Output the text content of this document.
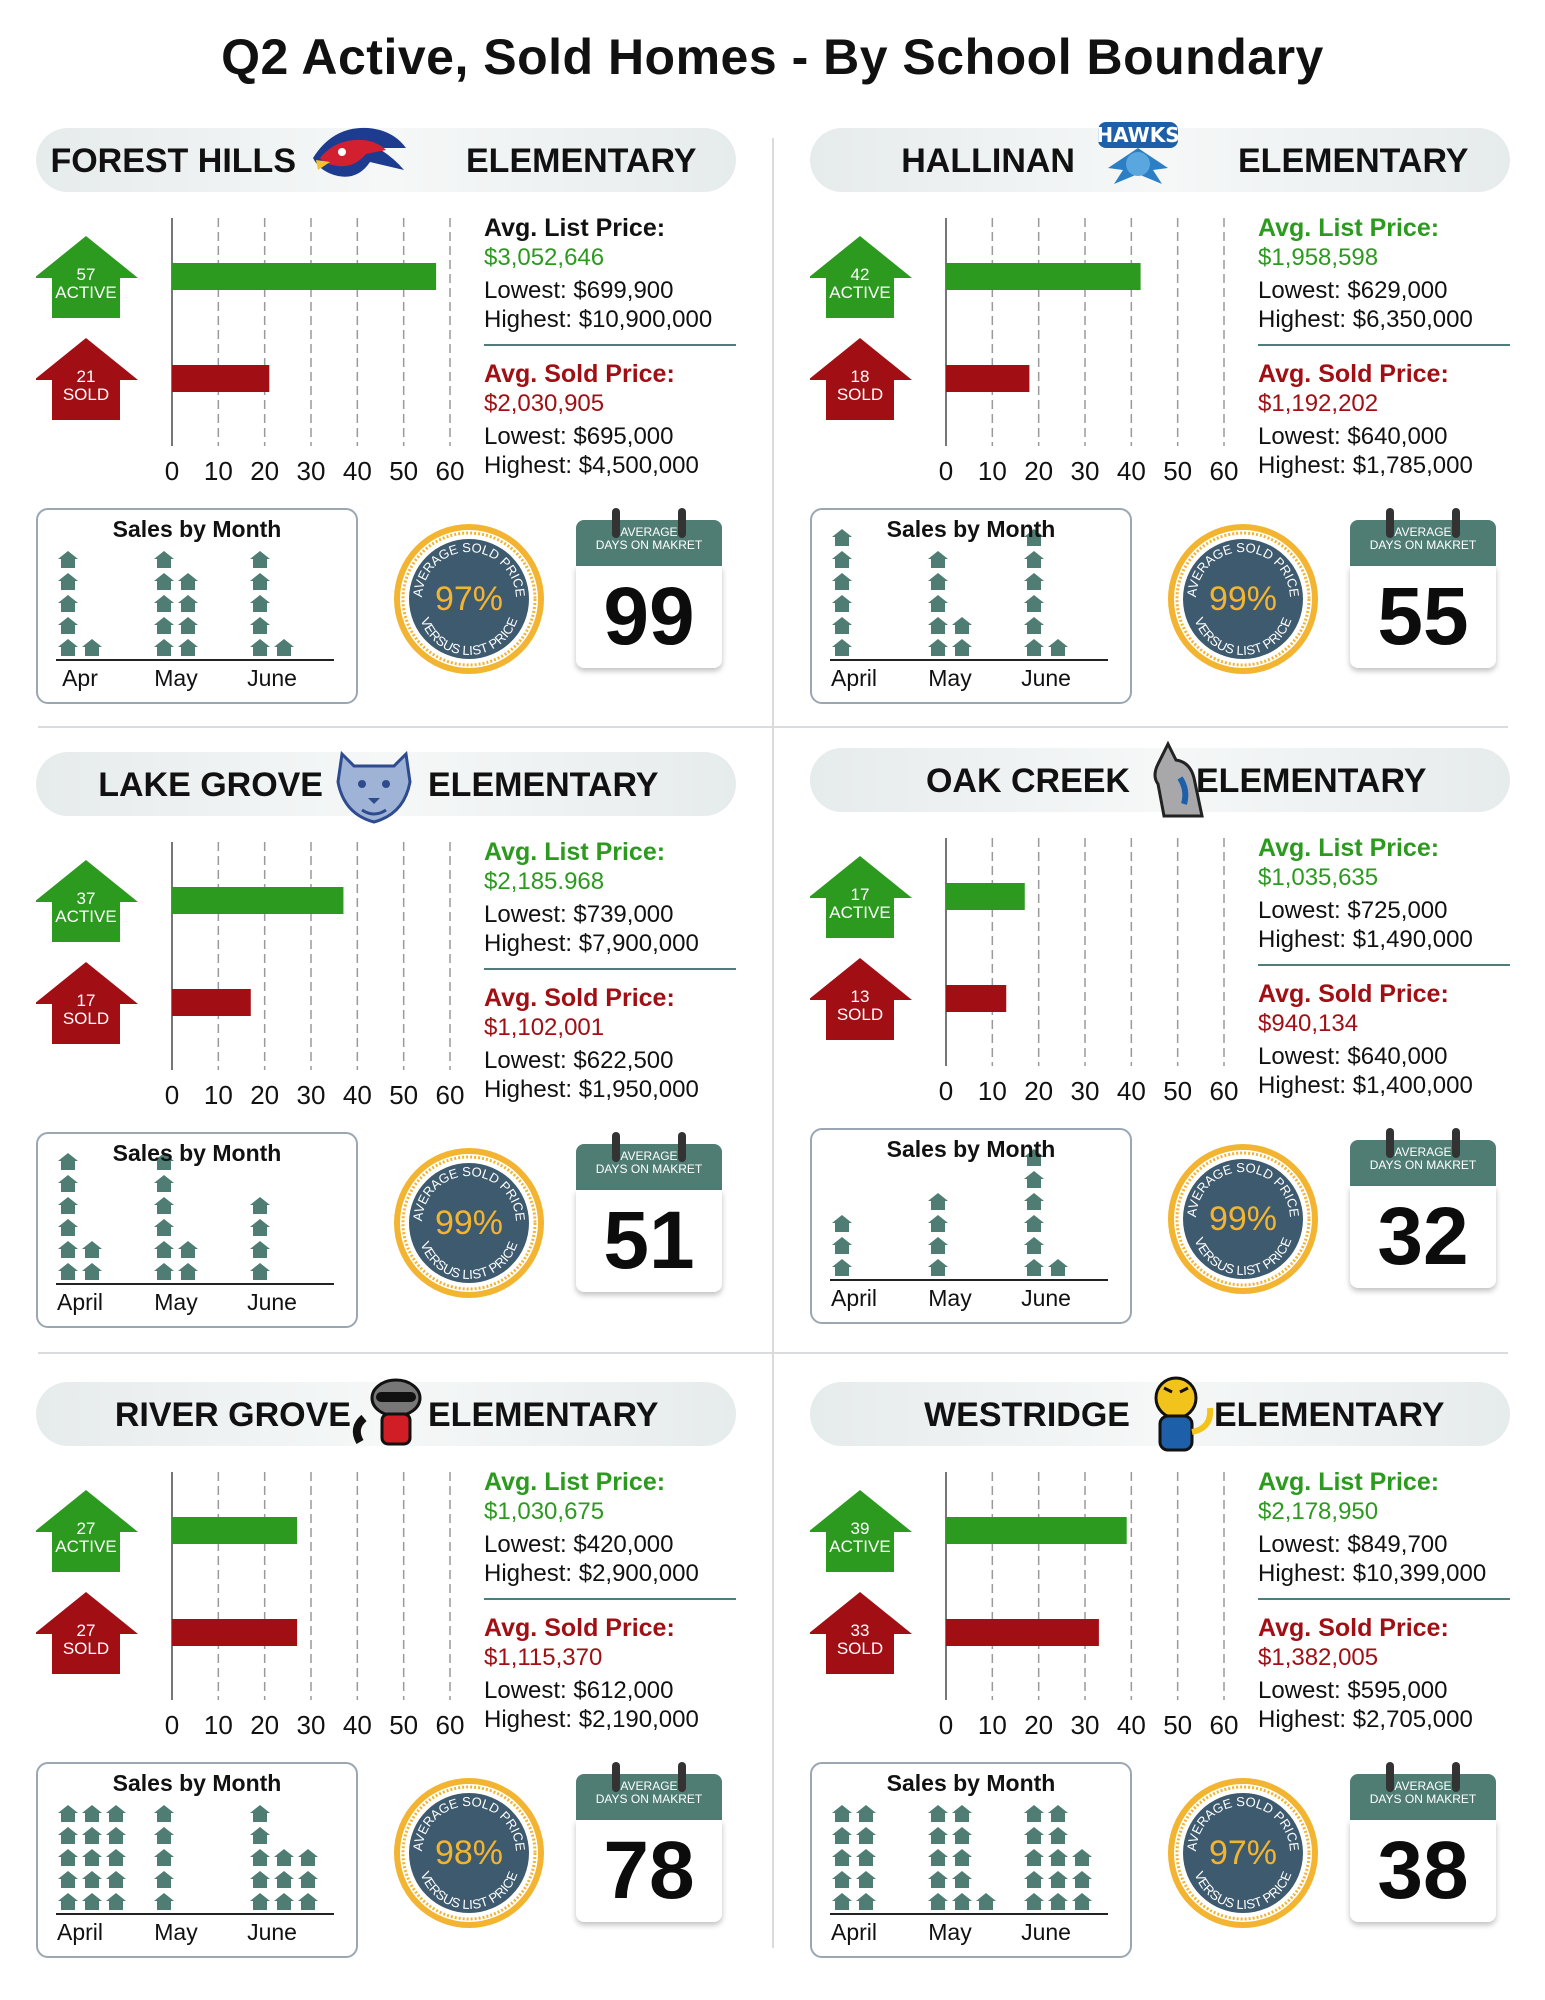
Q2 Active, Sold Homes - By School Boundary
FOREST HILLS	ELEMENTARY
0 10 20 30 40 50 60
57
ACTIVE
21
SOLD
Avg. List Price:
$3,052,646
Lowest: $699,900
Highest: $10,900,000
Avg. Sold Price:
$2,030,905
Lowest: $695,000
Highest: $4,500,000
Sales by Month
Apr May June
AVERAGE SOLD PRICE
VERSUS LIST PRICE
97%
AVERAGE
DAYS ON MAKRET
99
HALLINAN
HAWKS
ELEMENTARY
0 10 20 30 40 50 60
42
ACTIVE
18
SOLD
Avg. List Price:
$1,958,598
Lowest: $629,000
Highest: $6,350,000
Avg. Sold Price:
$1,192,202
Lowest: $640,000
Highest: $1,785,000
Sales by Month
April May June
AVERAGE SOLD PRICE
VERSUS LIST PRICE
99%
AVERAGE
DAYS ON MAKRET
55
LAKE GROVE	ELEMENTARY
0 10 20 30 40 50 60
37
ACTIVE
17
SOLD
Avg. List Price:
$2,185.968
Lowest: $739,000
Highest: $7,900,000
Avg. Sold Price:
$1,102,001
Lowest: $622,500
Highest: $1,950,000
Sales by Month
April May June
AVERAGE SOLD PRICE
VERSUS LIST PRICE
99%
AVERAGE
DAYS ON MAKRET
51
OAK CREEK ELEMENTARY
0 10 20 30 40 50 60
17
ACTIVE
13
SOLD
Avg. List Price:
$1,035,635
Lowest: $725,000
Highest: $1,490,000
Avg. Sold Price:
$940,134
Lowest: $640,000
Highest: $1,400,000
Sales by Month
April May June
AVERAGE SOLD PRICE
VERSUS LIST PRICE
99%
AVERAGE
DAYS ON MAKRET
32
RIVER GROVE ELEMENTARY
0 10 20 30 40 50 60
27
ACTIVE
27
SOLD
Avg. List Price:
$1,030,675
Lowest: $420,000
Highest: $2,900,000
Avg. Sold Price:
$1,115,370
Lowest: $612,000
Highest: $2,190,000
Sales by Month
April May June
AVERAGE SOLD PRICE
VERSUS LIST PRICE
98%
AVERAGE
DAYS ON MAKRET
78
WESTRIDGE ELEMENTARY
0 10 20 30 40 50 60
39
ACTIVE
33
SOLD
Avg. List Price:
$2,178,950
Lowest: $849,700
Highest: $10,399,000
Avg. Sold Price:
$1,382,005
Lowest: $595,000
Highest: $2,705,000
Sales by Month
April May June
AVERAGE SOLD PRICE
VERSUS LIST PRICE
97%
AVERAGE
DAYS ON MAKRET
38
